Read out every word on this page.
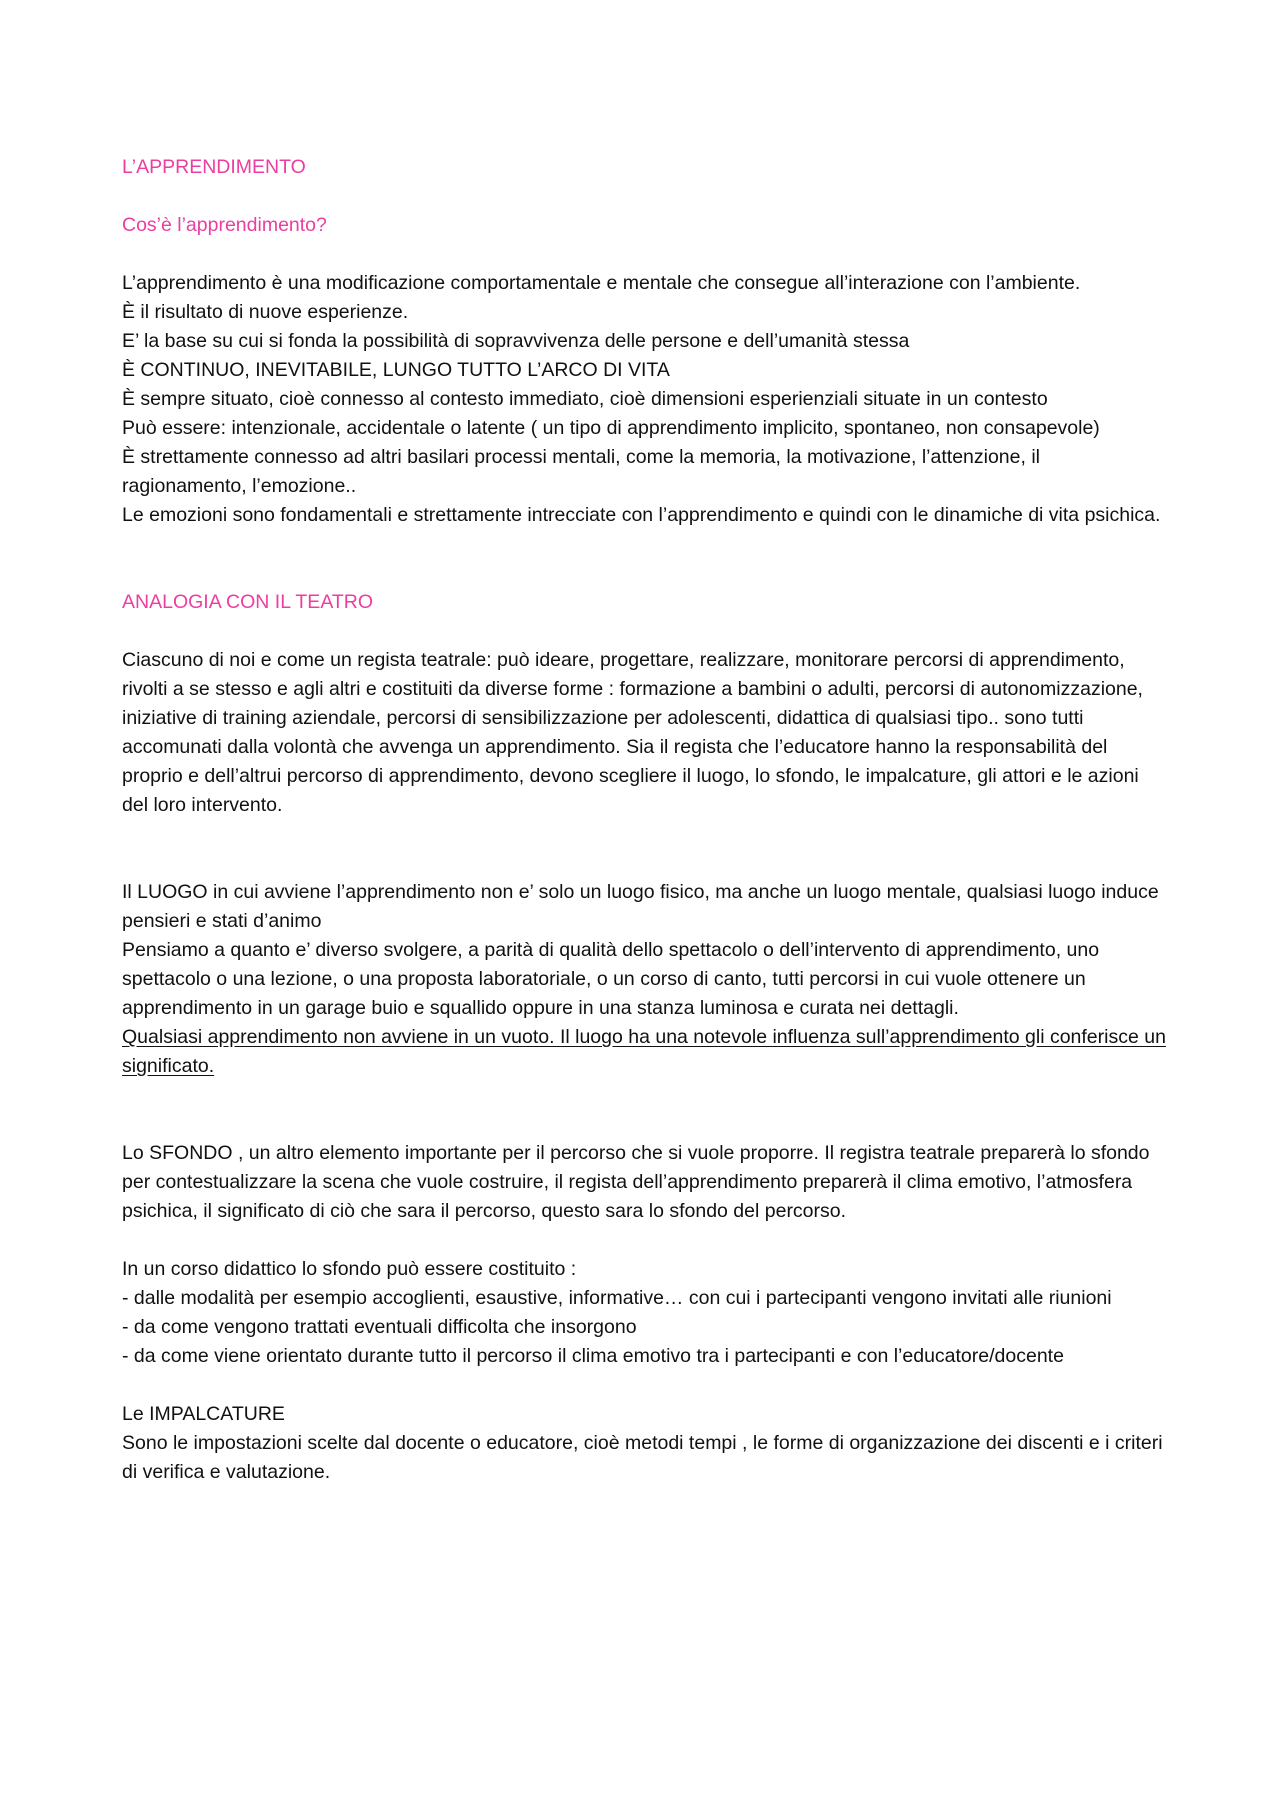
L’APPRENDIMENTO

Cos’è l’apprendimento?

L’apprendimento è una modificazione comportamentale e mentale che consegue all’interazione con l’ambiente.

È il risultato di nuove esperienze.

E’ la base su cui si fonda la possibilità di sopravvivenza delle persone e dell’umanità stessa

È CONTINUO, INEVITABILE, LUNGO TUTTO L’ARCO DI VITA

È sempre situato, cioè connesso al contesto immediato, cioè dimensioni esperienziali situate in un contesto

Può essere: intenzionale, accidentale o latente ( un tipo di apprendimento implicito, spontaneo, non consapevole)

È strettamente connesso ad altri basilari processi mentali, come la memoria, la motivazione, l’attenzione, il ragionamento, l’emozione..

Le emozioni sono fondamentali e strettamente intrecciate con l’apprendimento e quindi con le dinamiche di vita psichica.

ANALOGIA CON IL TEATRO

Ciascuno di noi e come un regista teatrale: può ideare, progettare, realizzare, monitorare percorsi di apprendimento, rivolti a se stesso e agli altri e costituiti da diverse forme : formazione a bambini o adulti, percorsi di autonomizzazione, iniziative di training aziendale, percorsi di sensibilizzazione per adolescenti, didattica di qualsiasi tipo.. sono tutti accomunati dalla volontà che avvenga un apprendimento. Sia il regista che l’educatore hanno la responsabilità del proprio e dell’altrui percorso di apprendimento, devono scegliere il luogo, lo sfondo, le impalcature, gli attori e le azioni del loro intervento.

Il LUOGO in cui avviene l’apprendimento non e’ solo un luogo fisico, ma anche un luogo mentale, qualsiasi luogo induce pensieri e stati d’animo

Pensiamo a quanto e’ diverso svolgere, a parità di qualità dello spettacolo o dell’intervento di apprendimento, uno spettacolo o una lezione, o una proposta laboratoriale, o un corso di canto, tutti percorsi in cui vuole ottenere un apprendimento in un garage buio e squallido oppure in una stanza luminosa e curata nei dettagli.

Qualsiasi apprendimento non avviene in un vuoto. Il luogo ha una notevole influenza sull’apprendimento gli conferisce un significato.

Lo SFONDO , un altro elemento importante per il percorso che si vuole proporre. Il registra teatrale preparerà lo sfondo per contestualizzare la scena che vuole costruire, il regista dell’apprendimento preparerà il clima emotivo, l’atmosfera psichica, il significato di ciò che sara il percorso, questo sara lo sfondo del percorso.

In un corso didattico lo sfondo può essere costituito :

- dalle modalità per esempio accoglienti, esaustive, informative… con cui i partecipanti vengono invitati alle riunioni

- da come vengono trattati eventuali difficolta che insorgono

- da come viene orientato durante tutto il percorso il clima emotivo tra i partecipanti e con l’educatore/docente

Le IMPALCATURE

Sono le impostazioni scelte dal docente o educatore, cioè metodi tempi , le forme di organizzazione dei discenti e i criteri di verifica e valutazione.
